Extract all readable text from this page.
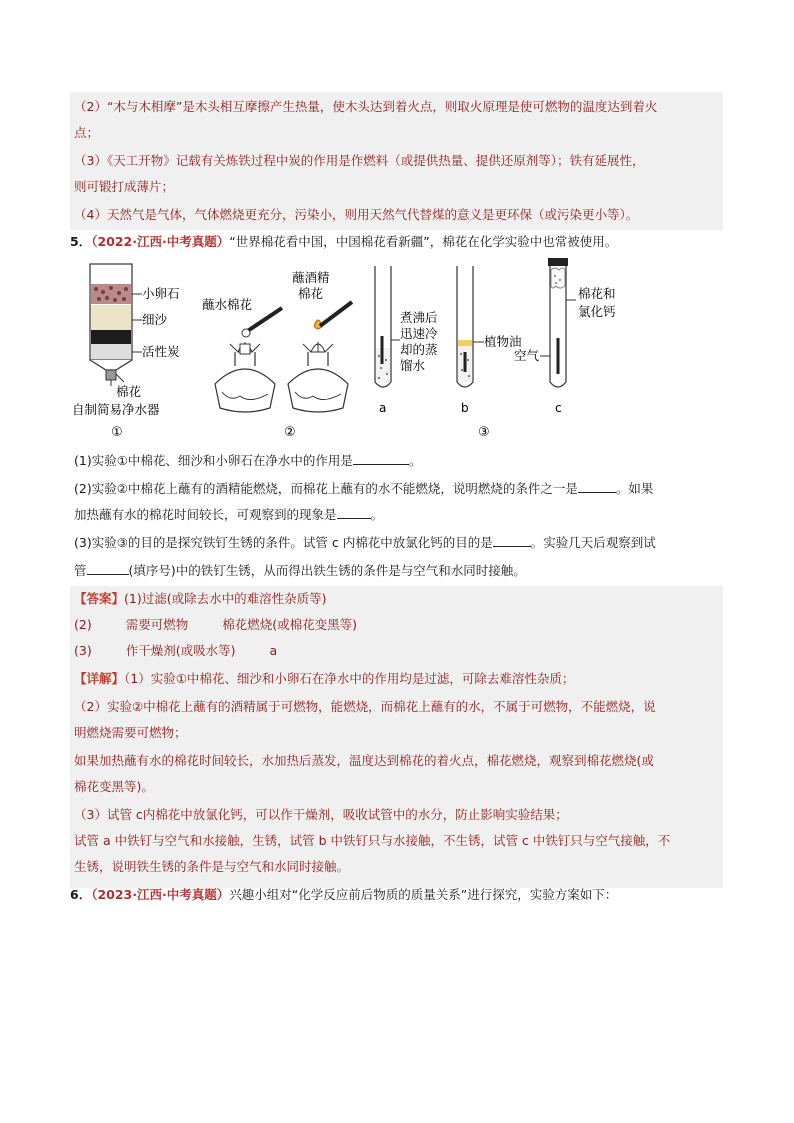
（2）“木与木相摩”是木头相互摩擦产生热量，使木头达到着火点，则取火原理是使可燃物的温度达到着火
点；
（3）《天工开物》记载有关炼铁过程中炭的作用是作燃料（或提供热量、提供还原剂等）；铁有延展性，
则可锻打成薄片；
（4）天然气是气体，气体燃烧更充分，污染小，则用天然气代替煤的意义是更环保（或污染更小等）。
5．（2022·江西·中考真题）“世界棉花看中国，中国棉花看新疆”，棉花在化学实验中也常被使用。
小卵石
细沙
活性炭
棉花
自制简易净水器
①
蘸水棉花
蘸酒精
棉花
②
煮沸后
迅速冷
却的蒸
馏水
a
植物油
b
③
棉花和
氯化钙
空气
c
(1)实验①中棉花、细沙和小卵石在净水中的作用是	。
(2)实验②中棉花上蘸有的酒精能燃烧，而棉花上蘸有的水不能燃烧，说明燃烧的条件之一是	。如果
加热蘸有水的棉花时间较长，可观察到的现象是	。
(3)实验③的目的是探究铁钉生锈的条件。试管 c 内棉花中放氯化钙的目的是	。实验几天后观察到试
管	(填序号)中的铁钉生锈，从而得出铁生锈的条件是与空气和水同时接触。
【答案】(1)过滤(或除去水中的难溶性杂质等)
(2)	需要可燃物	棉花燃烧(或棉花变黑等)
(3)	作干燥剂(或吸水等)	a
【详解】（1）实验①中棉花、细沙和小卵石在净水中的作用均是过滤，可除去难溶性杂质；
（2）实验②中棉花上蘸有的酒精属于可燃物，能燃烧，而棉花上蘸有的水，不属于可燃物，不能燃烧，说
明燃烧需要可燃物；
如果加热蘸有水的棉花时间较长，水加热后蒸发，温度达到棉花的着火点，棉花燃烧，观察到棉花燃烧(或
棉花变黑等)。
（3）试管 c内棉花中放氯化钙，可以作干燥剂，吸收试管中的水分，防止影响实验结果；
试管 a 中铁钉与空气和水接触，生锈，试管 b 中铁钉只与水接触，不生锈，试管 c 中铁钉只与空气接触，不
生锈，说明铁生锈的条件是与空气和水同时接触。
6．（2023·江西·中考真题）兴趣小组对“化学反应前后物质的质量关系”进行探究，实验方案如下：
